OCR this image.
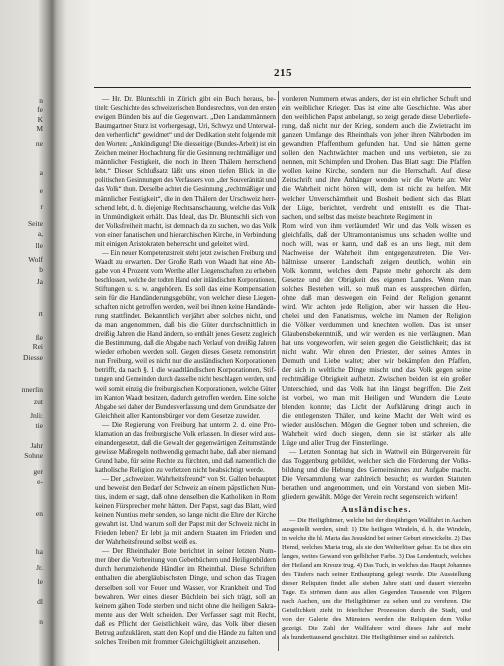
n
fe
K
M
ne
a
e
r
Seite
a,
lle
Wolf
b
Ja
rt
ße
Rei
Diesse
nnerlin
zut
Jnli:
tie
Jahr
Sohne
ger
e-
en
ha
Jr.
le
dl
n
215
— Hr. Dr. Bluntschli in Zürich gibt ein Buch heraus, be-
titelt: Geschichte des schweizerischen Bundesrechtes, von den ersten
ewigen Bünden bis auf die Gegenwart. „Den Landammännern
Baumgartner Sturz ist vorhergesagt, Uri, Schwyz und Unterwal-
den verherrlicht“ gewidmet“ und der Dedikation steht folgende mit
den Worten: „Ankündigung! Die diesseitige (Bundes-Arbeit) ist ein
Zeichen meiner Hochachtung für die Gesinnung rechtmäßiger und
männlicher Festigkeit, die noch in Ihren Thälern herrschend
lebt.“ Dieser Schlußsatz läßt uns einen tiefen Blick in die
politischen Gesinnungen des Verfassers von „der Souveränität und
das Volk“ thun. Derselbe achtet die Gesinnung „rechtmäßiger und
männlicher Festigkeit“, die in den Thälern der Urschweiz herr-
schend lebt, d. h. diejenige Rechtsanschauung, welche das Volk
in Unmündigkeit erhält. Das Ideal, das Dr. Bluntschli sich von
der Volksfreiheit macht, ist demnach da zu suchen, wo das Volk
von einer fanatischen und hierarchischen Kirche, in Verbindung
mit einigen Aristokraten beherrscht und geleitet wird.
— Ein neuer Kompetenzstreit steht jetzt zwischen Freiburg und
Waadt zu erwarten. Der Große Rath von Waadt hat eine Ab-
gabe von 4 Prozent vom Werthe aller Liegenschaften zu erheben
beschlossen, welche der todten Hand oder inländischen Korporationen,
Stiftungen u. s. w. angehören. Es soll das eine Kompensation
sein für die Handänderungsgebühr, von welcher diese Liegen-
schaften nicht getroffen werden, weil bei ihnen keine Handände-
rung stattfindet. Bekanntlich verjährt aber solches nicht, und
da man angenommen, daß bis die Güter durchschnittlich in
dreißig Jahren die Hand ändern, so enthält jenes Gesetz zugleich
die Bestimmung, daß die Abgabe nach Verlauf von dreißig Jahren
wieder erhoben werden soll. Gegen dieses Gesetz remonstrirt
nun Freiburg, weil es nicht nur die ausländischen Korporationen
betrifft, da nach §. 1 die waadtländischen Korporationen, Stif-
tungen und Gemeinden durch dasselbe nicht beschlagen werden, und
weil somit einzig die freiburgischen Korporationen, welche Güter
im Kanton Waadt besitzen, dadurch getroffen werden. Eine solche
Abgabe sei daher der Bundesverfassung und dem Grundsatze der
Gleichheit aller Kantonsbürger vor dem Gesetze zuwider.
— Die Regierung von Freiburg hat unterm 2. d. eine Pro-
klamation an das freiburgische Volk erlassen. In dieser wird aus-
einandergesetzt, daß die Gewalt der gegenwärtigen Zeitumstände
gewisse Maßregeln nothwendig gemacht habe, daß aber niemand
Grund habe, für seine Rechte zu fürchten, und daß namentlich die
katholische Religion zu verletzen nicht beabsichtigt werde.
— Der „schweizer. Wahrheitsfreund“ von St. Gallen behauptet
und beweist den Bedarf der Schweiz an einem päpstlichen Nun-
tius, indem er sagt, daß ohne denselben die Katholiken in Rom
keinen Fürsprecher mehr hätten. Der Papst, sagt das Blatt, wird
keinen Nuntius mehr senden, so lange nicht die Ehre der Kirche
gewahrt ist. Und warum soll der Papst mit der Schweiz nicht in
Frieden leben? Er lebt ja mit andern Staaten im Frieden und
der Wahrheitsfreund selbst weiß es.
— Der Rheinthaler Bote berichtet in seiner letzten Num-
mer über die Verbreitung von Gebetbüchern und Heiligenbildern
durch herumziehende Händler im Rheinthal. Diese Schriften
enthalten die abergläubischsten Dinge, und schon das Tragen
derselben soll vor Feuer und Wasser, vor Krankheit und Tod
bewahren. Wer eines dieser Büchlein bei sich trägt, soll an
keinem gähen Tode sterben und nicht ohne die heiligen Sakra-
mente aus der Welt scheiden. Der Verfasser sagt mit Recht,
daß es Pflicht der Geistlichkeit wäre, das Volk über diesen
Betrug aufzuklären, statt den Kopf und die Hände zu falten und
solches Treiben mit frommer Gleichgültigkeit anzusehen.
vorderen Nummern etwas anders, der ist ein ehrlicher Schuft und
ein weiblicher Krieger. Das ist eine alte Geschichte. Was aber
den weiblichen Papst anbelangt, so zeigt gerade diese Ueberliefe-
rung, daß nicht nur der Krieg, sondern auch die Zwietracht im
ganzen Umfange des Rheinthals von jeher ihren Nährboden im
gewandten Pfaffenthum gefunden hat. Und sie hätten gerne
sollen den Nachtwächter machen und uns verbieten, sie zu
nennen, mit Schimpfen und Drohen. Das Blatt sagt: Die Pfaffen
wollen keine Kirche, sondern nur die Herrschaft. Auf diese
Zeitschrift und ihre Anhänger wenden wir die Worte an: Wer
die Wahrheit nicht hören will, dem ist nicht zu helfen. Mit
welcher Unverschämtheit und Bosheit bedient sich das Blatt
der Lüge, berichtet, verdreht und entstellt es die That-
sachen, und selbst das meiste beachtete Regiment in
Rom wird von ihm verläumdet! Wir und das Volk wissen es
gleichfalls, daß der Ultramontanismus uns schaden wollte und
noch will, was er kann, und daß es an uns liegt, mit dem
Nachweise der Wahrheit ihm entgegenzutreten. Die Ver-
hältnisse unserer Landschaft zeigen deutlich, wohin ein
Volk kommt, welches dem Papste mehr gehorcht als dem
Gesetze und der Obrigkeit des eigenen Landes. Wenn man
solches Bestehen will, so muß man es aussprechen dürfen,
ohne daß man deswegen ein Feind der Religion genannt
wird. Wir achten jede Religion, aber wir hassen die Heu-
chelei und den Fanatismus, welche im Namen der Religion
die Völker verdummen und knechten wollen. Das ist unser
Glaubensbekenntniß, und wir werden es nie verläugnen. Man
hat uns vorgeworfen, wir seien gegen die Geistlichkeit; das ist
nicht wahr. Wir ehren den Priester, der seines Amtes in
Demuth und Liebe waltet; aber wir bekämpfen den Pfaffen,
der sich in weltliche Dinge mischt und das Volk gegen seine
rechtmäßige Obrigkeit aufhetzt. Zwischen beiden ist ein großer
Unterschied, und das Volk hat ihn längst begriffen. Die Zeit
ist vorbei, wo man mit Heiligen und Wundern die Leute
blenden konnte; das Licht der Aufklärung dringt auch in
die entlegensten Thäler, und keine Macht der Welt wird es
wieder auslöschen. Mögen die Gegner toben und schreien, die
Wahrheit wird doch siegen, denn sie ist stärker als alle
Lüge und aller Trug der Finsterlinge.
— Letzten Sonntag hat sich in Wattwil ein Bürgerverein für
das Toggenburg gebildet, welcher sich die Förderung der Volks-
bildung und die Hebung des Gemeinsinnes zur Aufgabe macht.
Die Versammlung war zahlreich besucht; es wurden Statuten
berathen und angenommen, und ein Vorstand von sieben Mit-
gliedern gewählt. Möge der Verein recht segensreich wirken!
Ausländisches.
— Die Heiligthümer, welche bei der diesjährigen Wallfahrt in Aachen
ausgestellt werden, sind: 1) Die heiligen Windeln, d. h. die Windeln,
in welche die hl. Maria das Jesuskind bei seiner Geburt einwickelte. 2) Das
Hemd, welches Maria trug, als sie den Welterlöser gebar. Es ist dies ein
langes, weites Gewand von gelblicher Farbe. 3) Das Lendentuch, welches
der Heiland am Kreuze trug. 4) Das Tuch, in welches das Haupt Johannes
des Täufers nach seiner Enthauptung gelegt wurde. Die Ausstellung
dieser Reliquien findet alle sieben Jahre statt und dauert vierzehn
Tage. Es strömen dann aus allen Gegenden Tausende von Pilgern
nach Aachen, um die Heiligthümer zu sehen und zu verehren. Die
Geistlichkeit zieht in feierlicher Prozession durch die Stadt, und
von der Galerie des Münsters werden die Reliquien dem Volke
gezeigt. Die Zahl der Wallfahrer wird dieses Jahr auf mehr
als hunderttausend geschätzt. Die Heiligthümer sind so zahlreich.
